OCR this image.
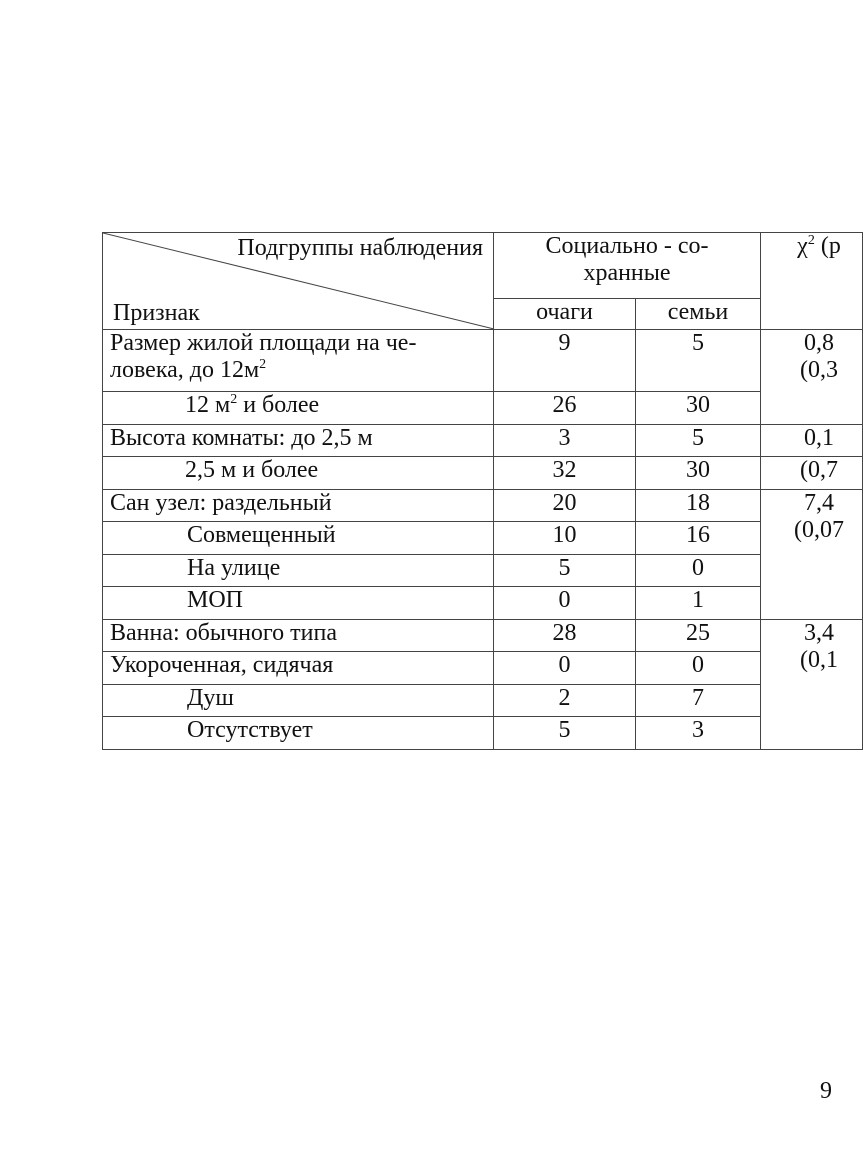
Подгруппы наблюдения
Признак	Социально - со-
хранные		$\chi^2$ (p
	очаги	семьи	
Размер жилой площади на че-
ловека, до $12м^2$	9	5	0,8
(0,3
12 $м^2$ и более	26	30	
Высота комнаты: до 2,5 м	3	5	0,1
2,5 м и более	32	30	(0,7
Сан узел: раздельный	20	18	7,4
(0,07
Совмещенный	10	16	
На улице	5	0	
МОП	0	1	
Ванна: обычного типа	28	25	3,4
(0,1
Укороченная, сидячая	0	0	
Душ	2	7	
Отсутствует	5	3	
9
